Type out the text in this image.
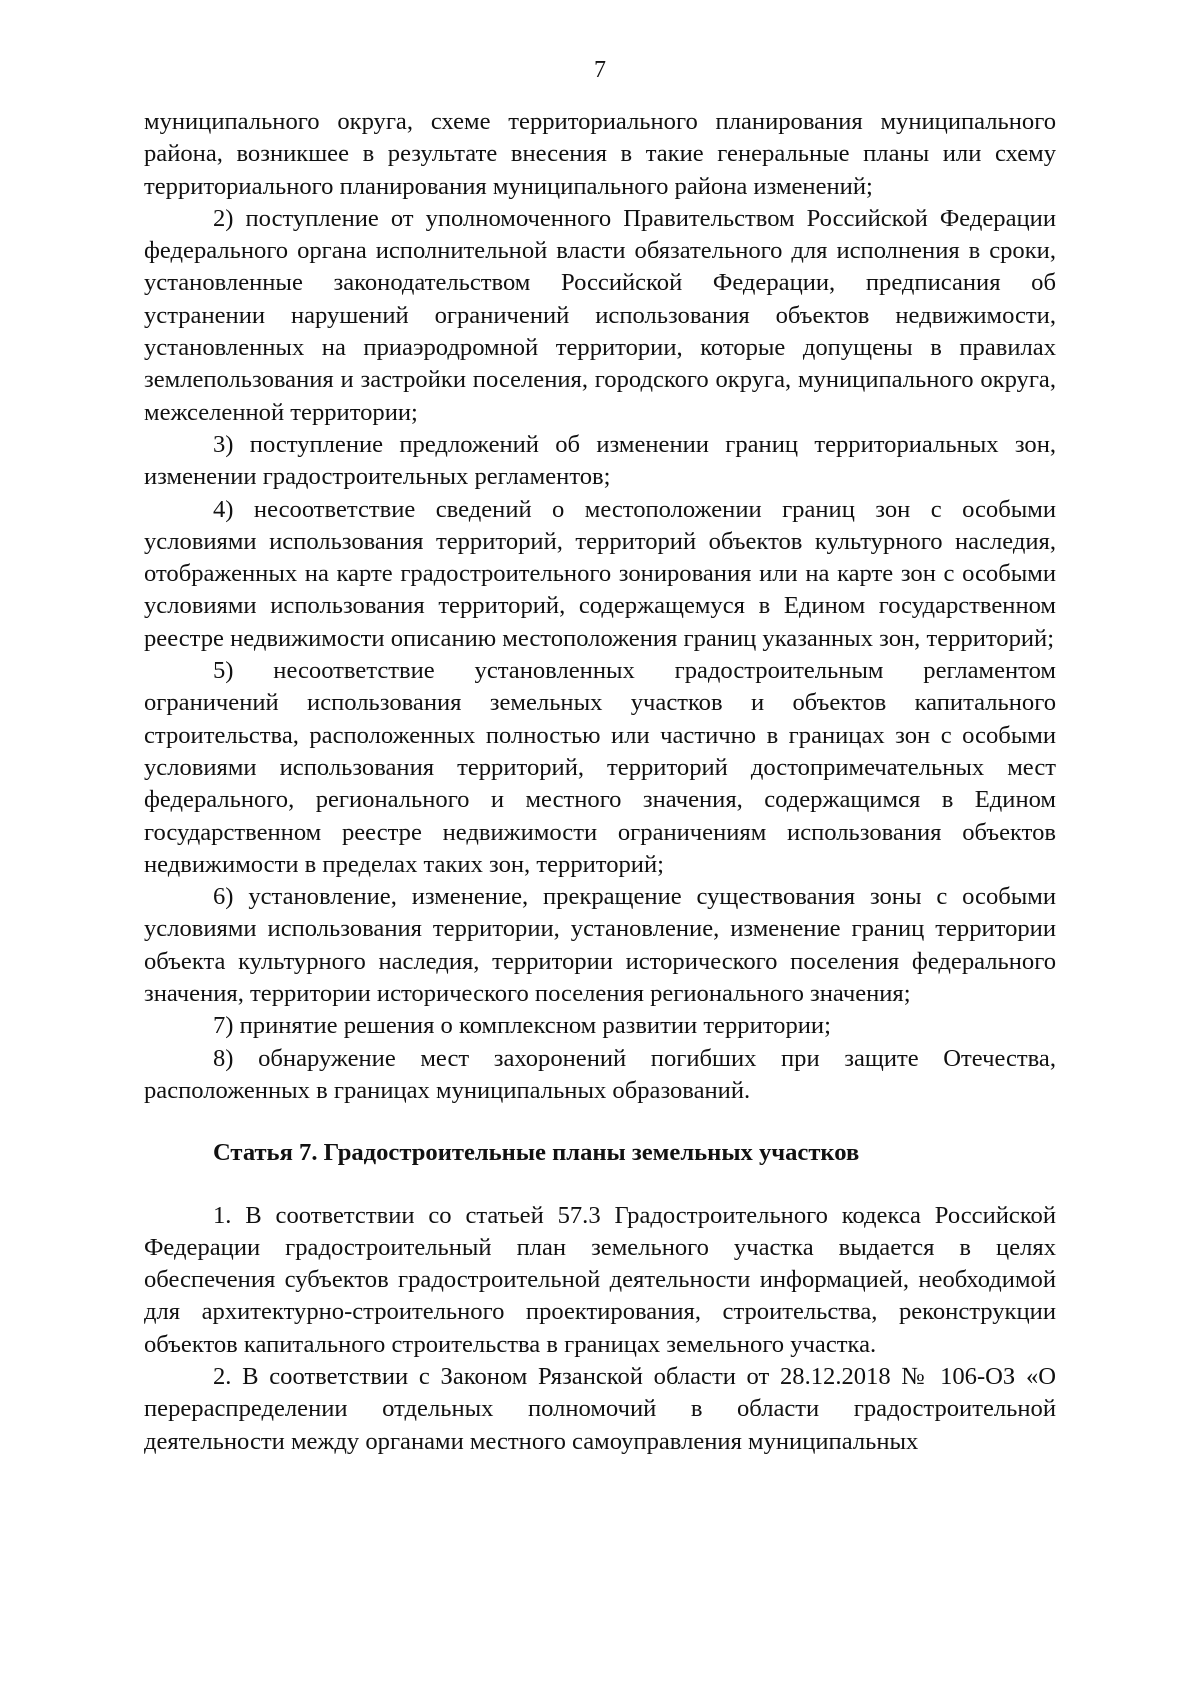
7

муниципального округа, схеме территориального планирования муниципального района, возникшее в результате внесения в такие генеральные планы или схему территориального планирования муниципального района изменений;

2) поступление от уполномоченного Правительством Российской Федерации федерального органа исполнительной власти обязательного для исполнения в сроки, установленные законодательством Российской Федерации, предписания об устранении нарушений ограничений использования объектов недвижимости, установленных на приаэродромной территории, которые допущены в правилах землепользования и застройки поселения, городского округа, муниципального округа, межселенной территории;

3) поступление предложений об изменении границ территориальных зон, изменении градостроительных регламентов;

4) несоответствие сведений о местоположении границ зон с особыми условиями использования территорий, территорий объектов культурного наследия, отображенных на карте градостроительного зонирования или на карте зон с особыми условиями использования территорий, содержащемуся в Едином государственном реестре недвижимости описанию местоположения границ указанных зон, территорий;

5) несоответствие установленных градостроительным регламентом ограничений использования земельных участков и объектов капитального строительства, расположенных полностью или частично в границах зон с особыми условиями использования территорий, территорий достопримечательных мест федерального, регионального и местного значения, содержащимся в Едином государственном реестре недвижимости ограничениям использования объектов недвижимости в пределах таких зон, территорий;

6) установление, изменение, прекращение существования зоны с особыми условиями использования территории, установление, изменение границ территории объекта культурного наследия, территории исторического поселения федерального значения, территории исторического поселения регионального значения;

7) принятие решения о комплексном развитии территории;

8) обнаружение мест захоронений погибших при защите Отечества, расположенных в границах муниципальных образований.

Статья 7. Градостроительные планы земельных участков

1. В соответствии со статьей 57.3 Градостроительного кодекса Российской Федерации градостроительный план земельного участка выдается в целях обеспечения субъектов градостроительной деятельности информацией, необходимой для архитектурно-строительного проектирования, строительства, реконструкции объектов капитального строительства в границах земельного участка.

2. В соответствии с Законом Рязанской области от 28.12.2018 № 106-ОЗ «О перераспределении отдельных полномочий в области градостроительной деятельности между органами местного самоуправления муниципальных
